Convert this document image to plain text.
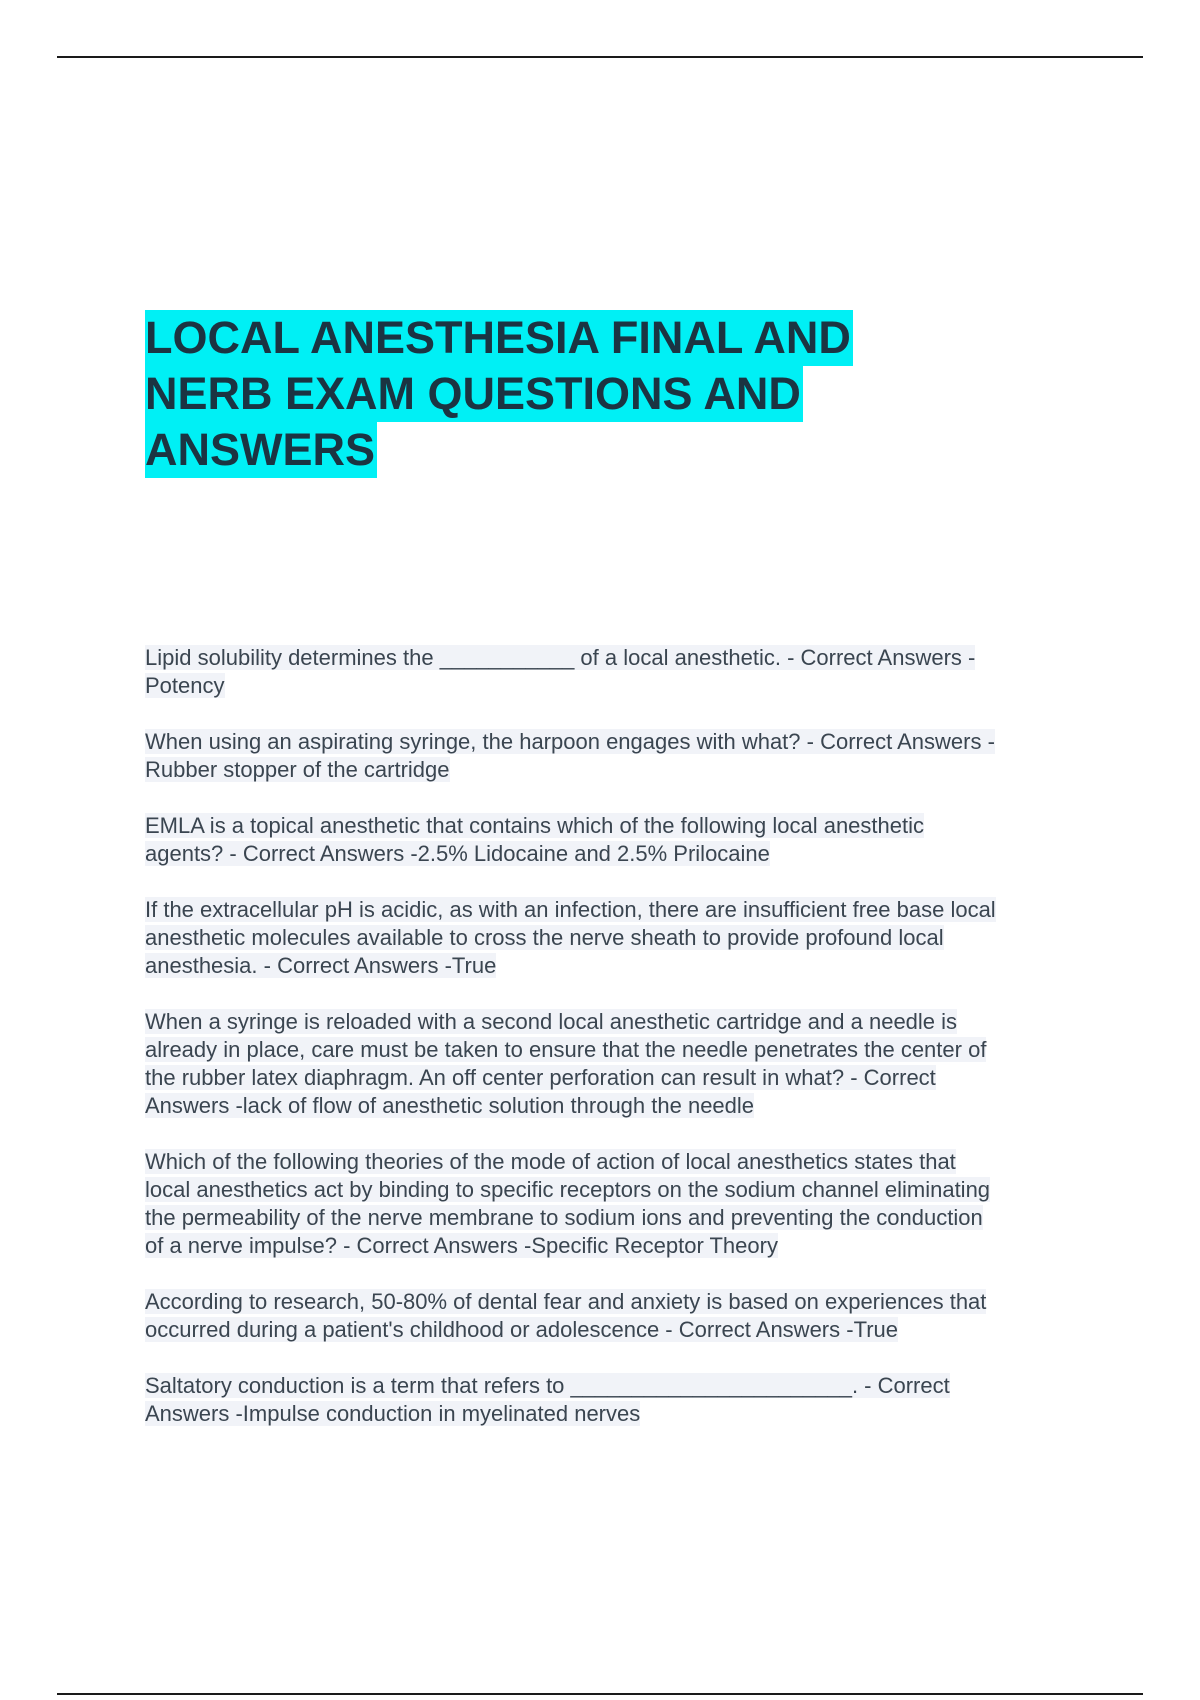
LOCAL ANESTHESIA FINAL AND
NERB EXAM QUESTIONS AND
ANSWERS
Lipid solubility determines the ___________ of a local anesthetic. - Correct Answers -
Potency
When using an aspirating syringe, the harpoon engages with what? - Correct Answers -
Rubber stopper of the cartridge
EMLA is a topical anesthetic that contains which of the following local anesthetic
agents? - Correct Answers -2.5% Lidocaine and 2.5% Prilocaine
If the extracellular pH is acidic, as with an infection, there are insufficient free base local
anesthetic molecules available to cross the nerve sheath to provide profound local
anesthesia. - Correct Answers -True
When a syringe is reloaded with a second local anesthetic cartridge and a needle is
already in place, care must be taken to ensure that the needle penetrates the center of
the rubber latex diaphragm. An off center perforation can result in what? - Correct
Answers -lack of flow of anesthetic solution through the needle
Which of the following theories of the mode of action of local anesthetics states that
local anesthetics act by binding to specific receptors on the sodium channel eliminating
the permeability of the nerve membrane to sodium ions and preventing the conduction
of a nerve impulse? - Correct Answers -Specific Receptor Theory
According to research, 50-80% of dental fear and anxiety is based on experiences that
occurred during a patient's childhood or adolescence - Correct Answers -True
Saltatory conduction is a term that refers to _______________________. - Correct
Answers -Impulse conduction in myelinated nerves
